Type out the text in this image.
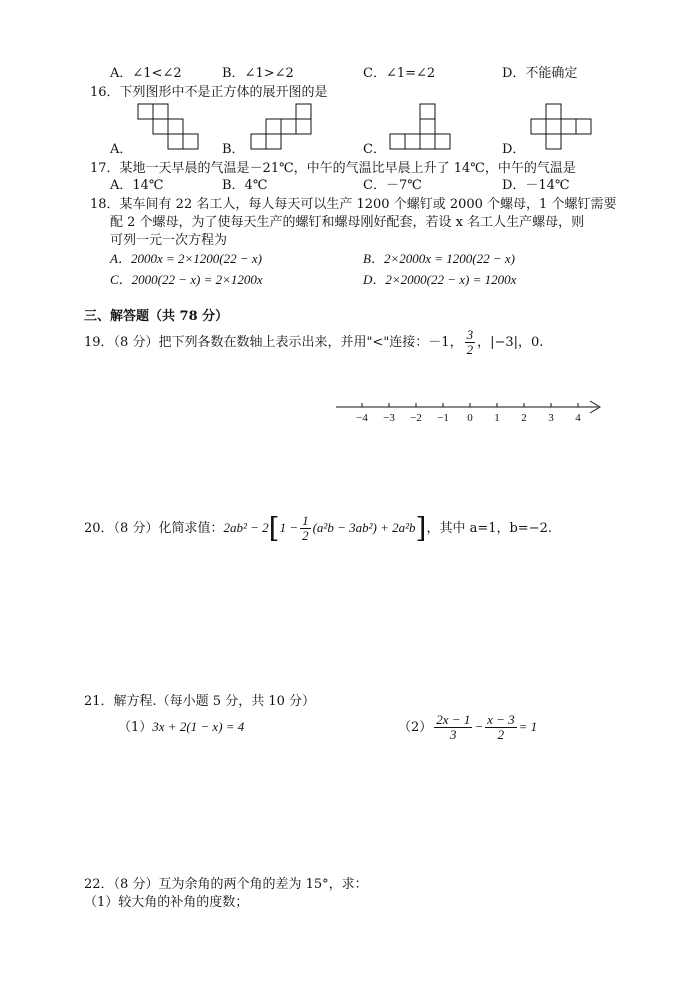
A．∠1<∠2	B．∠1>∠2	C．∠1=∠2	D．不能确定
16．下列图形中不是正方体的展开图的是
A．	B．	C．	D．
17．某地一天早晨的气温是－21℃，中午的气温比早晨上升了 14℃，中午的气温是
A．14℃	B．4℃	C．－7℃	D．－14℃
18．某车间有 22 名工人，每人每天可以生产 1200 个螺钉或 2000 个螺母，1 个螺钉需要
配 2 个螺母，为了使每天生产的螺钉和螺母刚好配套，若设 x 名工人生产螺母，则
可列一元一次方程为
A．2000x = 2×1200(22 − x)	B．2×2000x = 1200(22 − x)
C．2000(22 − x) = 2×1200x	D．2×2000(22 − x) = 1200x
三、解答题（共 78 分）
19．（8 分）把下列各数在数轴上表示出来，并用"<"连接：－1， $\frac{3}{2}$ ，|−3|，0.
−4 −3 −2 −1 0 1 2 3 4
20．（8 分）化简求值：$2ab^2 - 2[1 - \frac{1}{2} (a^2b - 3ab^2) + 2a^2b]$，其中 a=1，b=−2.
21．解方程.（每小题 5 分，共 10 分）
（1）3x + 2(1 − x) = 4	$(2) \frac{2x - 1}{3} - \frac{x - 3}{2} = 1$
22．（8 分）互为余角的两个角的差为 15°，求：
（1）较大角的补角的度数；
